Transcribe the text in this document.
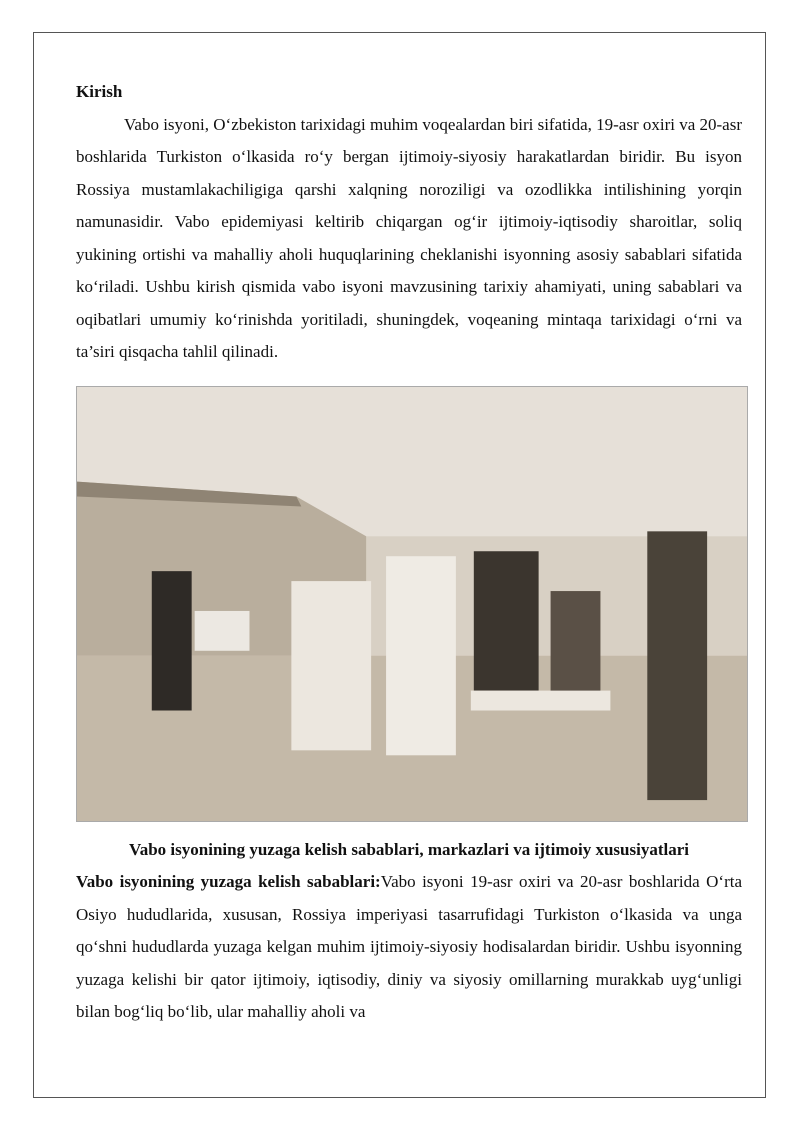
Kirish

Vabo isyoni, O‘zbekiston tarixidagi muhim voqealardan biri sifatida, 19-asr oxiri va 20-asr boshlarida Turkiston o‘lkasida ro‘y bergan ijtimoiy-siyosiy harakatlardan biridir. Bu isyon Rossiya mustamlakachiligiga qarshi xalqning noroziligi va ozodlikka intilishining yorqin namunasidir. Vabo epidemiyasi keltirib chiqargan og‘ir ijtimoiy-iqtisodiy sharoitlar, soliq yukining ortishi va mahalliy aholi huquqlarining cheklanishi isyonning asosiy sabablari sifatida ko‘riladi. Ushbu kirish qismida vabo isyoni mavzusining tarixiy ahamiyati, uning sabablari va oqibatlari umumiy ko‘rinishda yoritiladi, shuningdek, voqeaning mintaqa tarixidagi o‘rni va ta’siri qisqacha tahlil qilinadi.

Vabo isyonining yuzaga kelish sabablari, markazlari va ijtimoiy xususiyatlari

Vabo isyonining yuzaga kelish sabablari:Vabo isyoni 19-asr oxiri va 20-asr boshlarida O‘rta Osiyo hududlarida, xususan, Rossiya imperiyasi tasarrufidagi Turkiston o‘lkasida va unga qo‘shni hududlarda yuzaga kelgan muhim ijtimoiy-siyosiy hodisalardan biridir. Ushbu isyonning yuzaga kelishi bir qator ijtimoiy, iqtisodiy, diniy va siyosiy omillarning murakkab uyg‘unligi bilan bog‘liq bo‘lib, ular mahalliy aholi va
